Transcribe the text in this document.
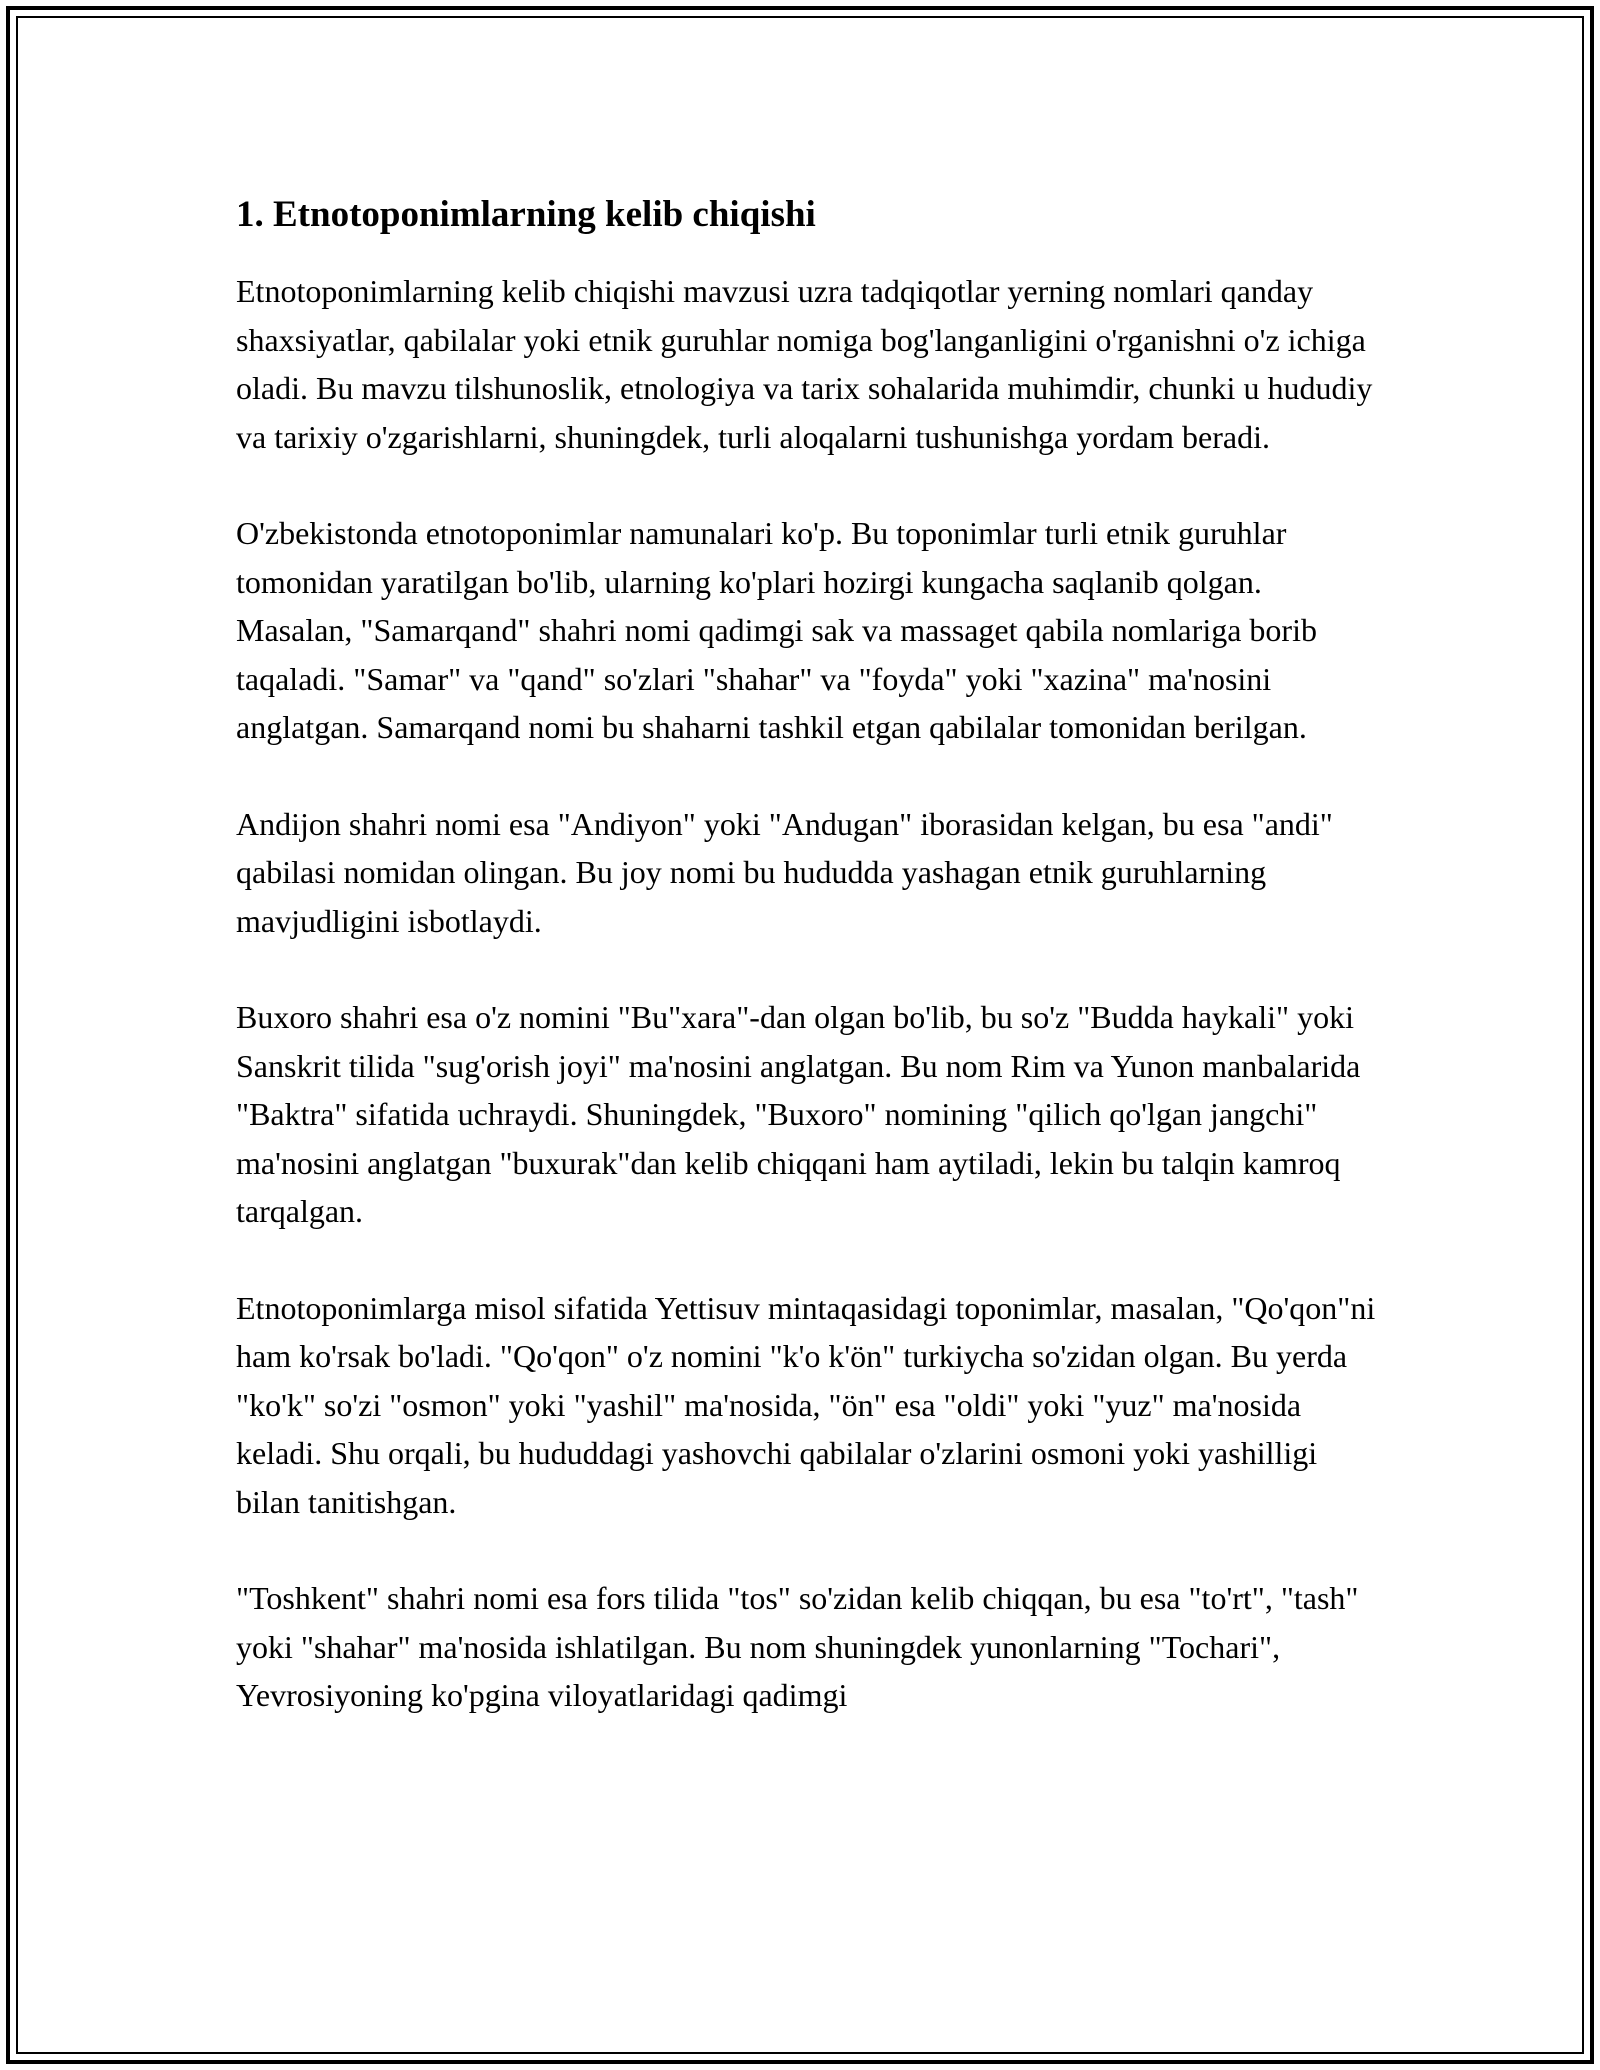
1. Etnotoponimlarning kelib chiqishi

Etnotoponimlarning kelib chiqishi mavzusi uzra tadqiqotlar yerning nomlari qanday shaxsiyatlar, qabilalar yoki etnik guruhlar nomiga bog'langanligini o'rganishni o'z ichiga oladi. Bu mavzu tilshunoslik, etnologiya va tarix sohalarida muhimdir, chunki u hududiy va tarixiy o'zgarishlarni, shuningdek, turli aloqalarni tushunishga yordam beradi.

O'zbekistonda etnotoponimlar namunalari ko'p. Bu toponimlar turli etnik guruhlar tomonidan yaratilgan bo'lib, ularning ko'plari hozirgi kungacha saqlanib qolgan. Masalan, "Samarqand" shahri nomi qadimgi sak va massaget qabila nomlariga borib taqaladi. "Samar" va "qand" so'zlari "shahar" va "foyda" yoki "xazina" ma'nosini anglatgan. Samarqand nomi bu shaharni tashkil etgan qabilalar tomonidan berilgan.

Andijon shahri nomi esa "Andiyon" yoki "Andugan" iborasidan kelgan, bu esa "andi" qabilasi nomidan olingan. Bu joy nomi bu hududda yashagan etnik guruhlarning mavjudligini isbotlaydi.

Buxoro shahri esa o'z nomini "Bu"xara"-dan olgan bo'lib, bu so'z "Budda haykali" yoki Sanskrit tilida "sug'orish joyi" ma'nosini anglatgan. Bu nom Rim va Yunon manbalarida "Baktra" sifatida uchraydi. Shuningdek, "Buxoro" nomining "qilich qo'lgan jangchi" ma'nosini anglatgan "buxurak"dan kelib chiqqani ham aytiladi, lekin bu talqin kamroq tarqalgan.

Etnotoponimlarga misol sifatida Yettisuv mintaqasidagi toponimlar, masalan, "Qo'qon"ni ham ko'rsak bo'ladi. "Qo'qon" o'z nomini "k'o k'ön" turkiycha so'zidan olgan. Bu yerda "ko'k" so'zi "osmon" yoki "yashil" ma'nosida, "ön" esa "oldi" yoki "yuz" ma'nosida keladi. Shu orqali, bu hududdagi yashovchi qabilalar o'zlarini osmoni yoki yashilligi bilan tanitishgan.

"Toshkent" shahri nomi esa fors tilida "tos" so'zidan kelib chiqqan, bu esa "to'rt", "tash" yoki "shahar" ma'nosida ishlatilgan. Bu nom shuningdek yunonlarning "Tochari", Yevrosiyoning ko'pgina viloyatlaridagi qadimgi
